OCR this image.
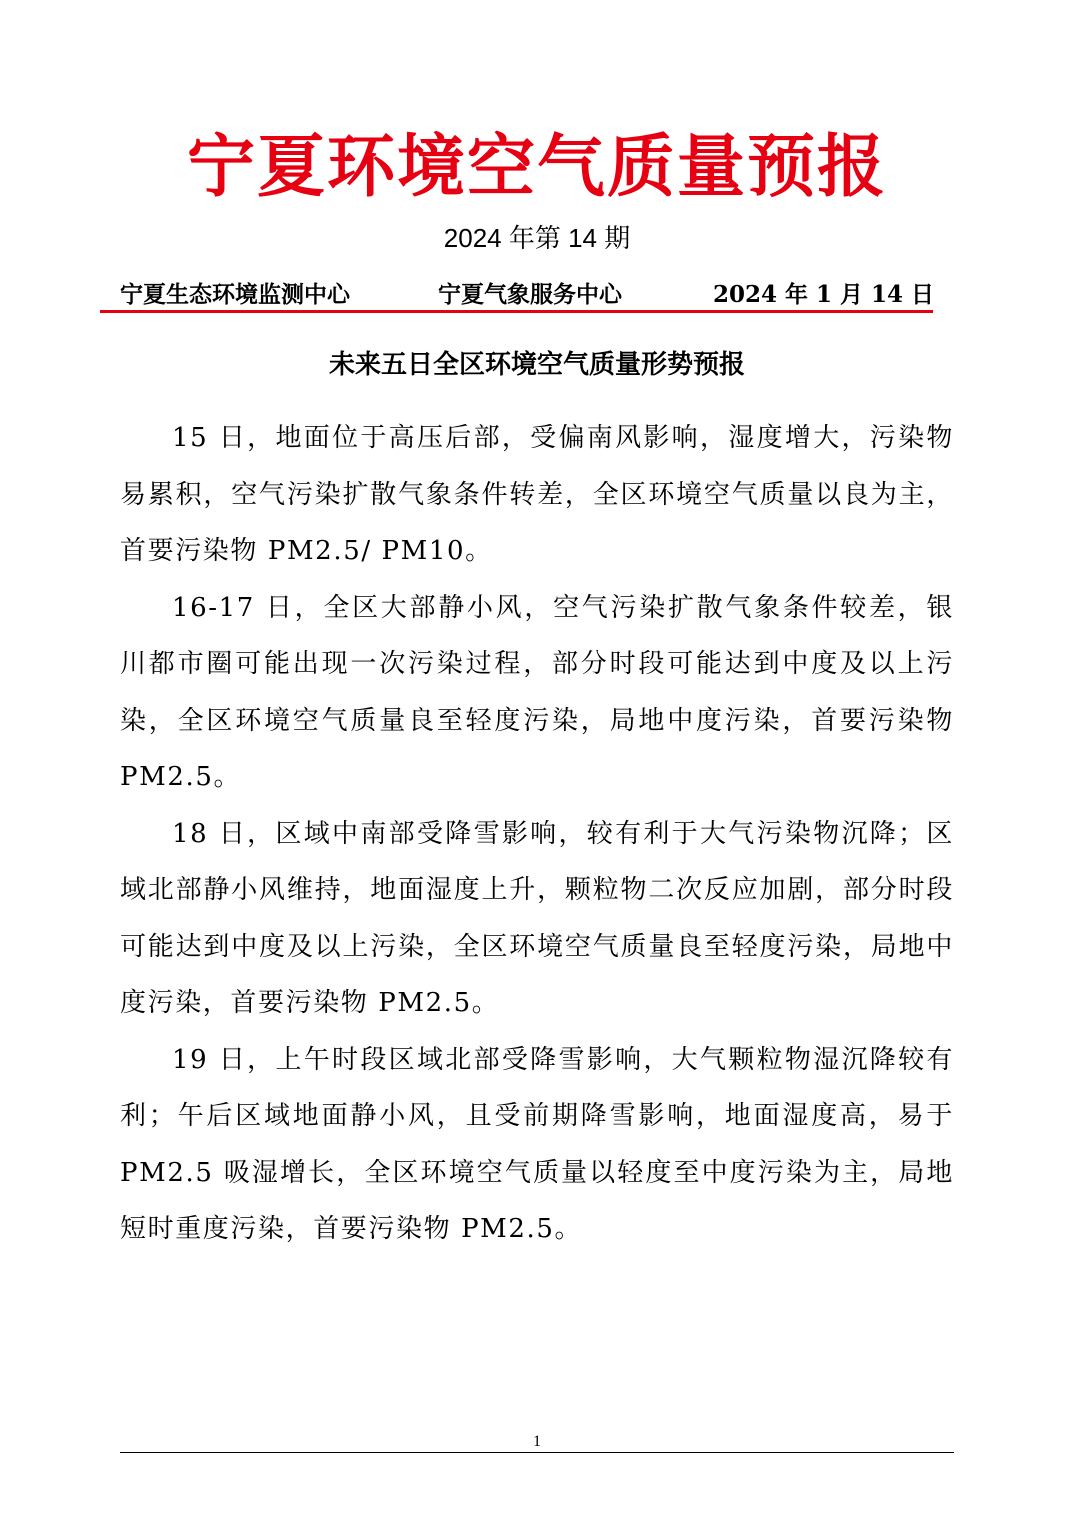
宁夏环境空气质量预报
2024 年第 14 期
宁夏生态环境监测中心	宁夏气象服务中心	2024 年 1 月 14 日
未来五日全区环境空气质量形势预报

15 日，地面位于高压后部，受偏南风影响，湿度增大，污染物易累积，空气污染扩散气象条件转差，全区环境空气质量以良为主，首要污染物 PM2.5/ PM10。

16-17 日，全区大部静小风，空气污染扩散气象条件较差，银川都市圈可能出现一次污染过程，部分时段可能达到中度及以上污染，全区环境空气质量良至轻度污染，局地中度污染，首要污染物 PM2.5。

18 日，区域中南部受降雪影响，较有利于大气污染物沉降；区域北部静小风维持，地面湿度上升，颗粒物二次反应加剧，部分时段可能达到中度及以上污染，全区环境空气质量良至轻度污染，局地中度污染，首要污染物 PM2.5。

19 日，上午时段区域北部受降雪影响，大气颗粒物湿沉降较有利；午后区域地面静小风，且受前期降雪影响，地面湿度高，易于 PM2.5 吸湿增长，全区环境空气质量以轻度至中度污染为主，局地短时重度污染，首要污染物 PM2.5。

1
